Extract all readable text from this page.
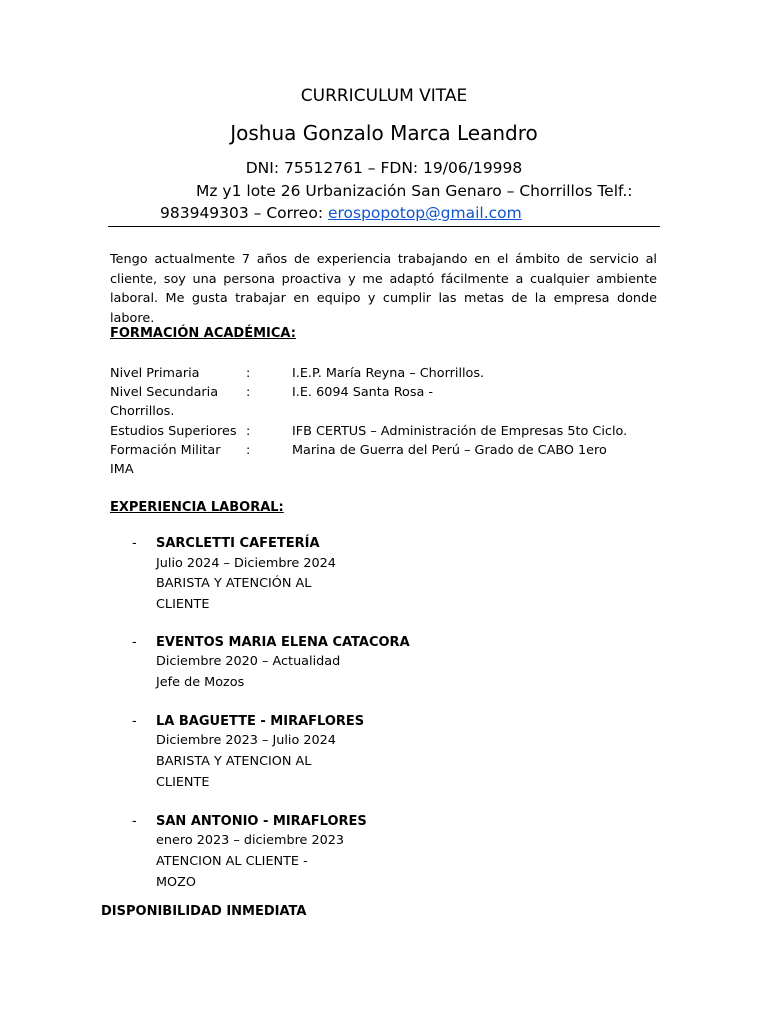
CURRICULUM VITAE
Joshua Gonzalo Marca Leandro
DNI: 75512761 – FDN: 19/06/19998
Mz y1 lote 26 Urbanización San Genaro – Chorrillos Telf.:
983949303 – Correo: erospopotop@gmail.com

Tengo actualmente 7 años de experiencia trabajando en el ámbito de servicio al cliente, soy una persona proactiva y me adaptó fácilmente a cualquier ambiente laboral. Me gusta trabajar en equipo y cumplir las metas de la empresa donde labore.

FORMACIÓN ACADÉMICA:
Nivel Primaria	:	I.E.P. María Reyna – Chorrillos.
Nivel Secundaria :	I.E. 6094 Santa Rosa -
Chorrillos.
Estudios Superiores :	IFB CERTUS – Administración de Empresas 5to Ciclo.
Formación Militar :	Marina de Guerra del Perú – Grado de CABO 1ero
IMA
EXPERIENCIA LABORAL:
- SARCLETTI CAFETERÍA
Julio 2024 – Diciembre 2024
BARISTA Y ATENCIÓN AL
CLIENTE
- EVENTOS MARIA ELENA CATACORA
Diciembre 2020 – Actualidad
Jefe de Mozos
- LA BAGUETTE - MIRAFLORES
Diciembre 2023 – Julio 2024
BARISTA Y ATENCION AL
CLIENTE
- SAN ANTONIO - MIRAFLORES
enero 2023 – diciembre 2023
ATENCION AL CLIENTE -
MOZO
DISPONIBILIDAD INMEDIATA
